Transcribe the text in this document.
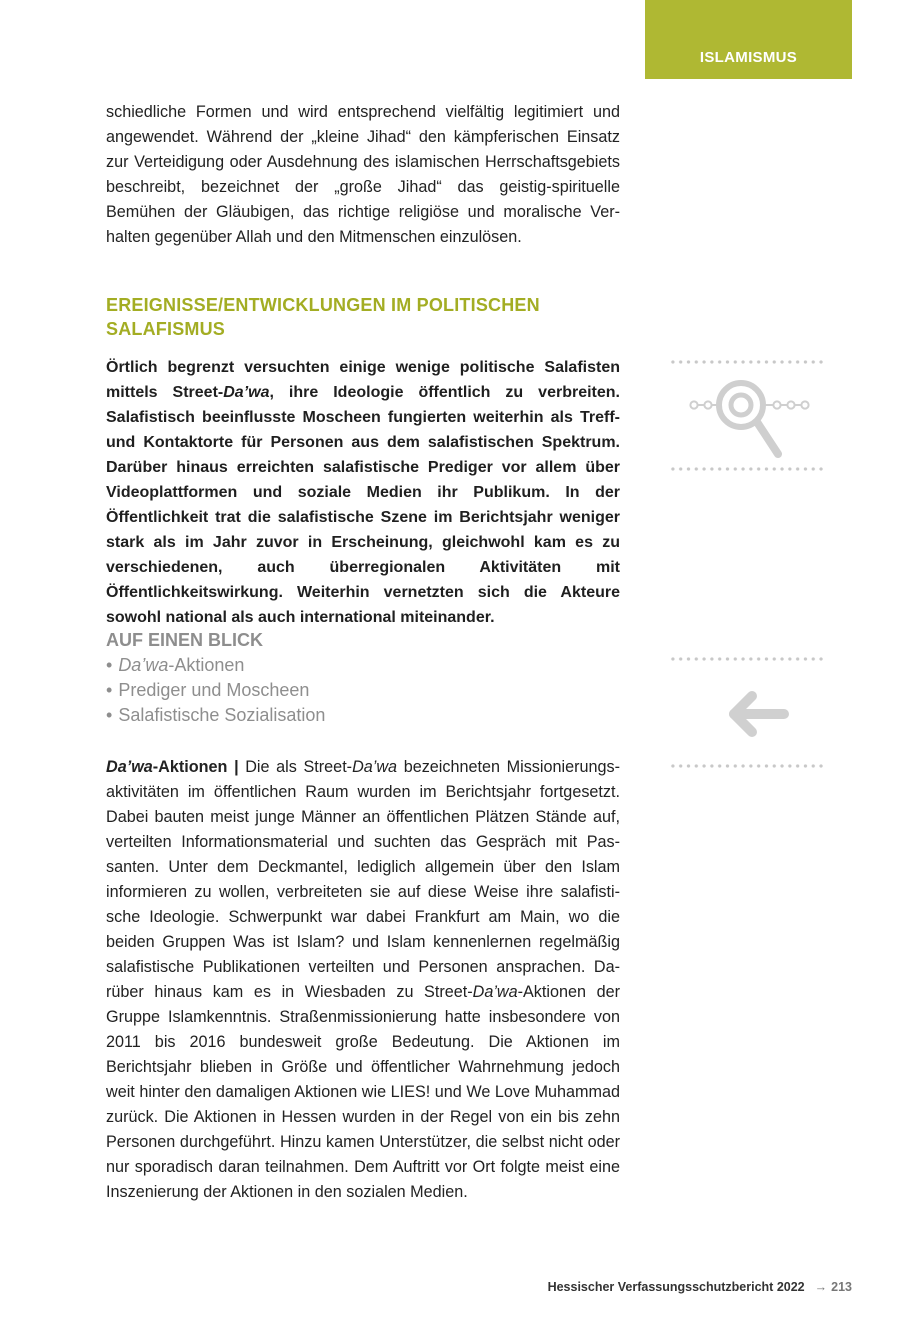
ISLAMISMUS

schiedliche Formen und wird entsprechend vielfältig legitimiert und angewendet. Während der „kleine Jihad“ den kämpferischen Einsatz zur Verteidigung oder Ausdehnung des islamischen Herrschaftsgebiets beschreibt, bezeichnet der „große Jihad“ das geistig-spirituelle Bemühen der Gläubigen, das richtige religiöse und moralische Verhalten gegenüber Allah und den Mitmenschen einzulösen.

EREIGNISSE/ENTWICKLUNGEN IM POLITISCHEN SALAFISMUS

Örtlich begrenzt versuchten einige wenige politische Salafisten mittels Street-Da’wa, ihre Ideologie öffentlich zu verbreiten. Salafistisch beeinflusste Moscheen fungierten weiterhin als Treff- und Kontaktorte für Personen aus dem salafistischen Spektrum. Darüber hinaus erreichten salafistische Prediger vor allem über Videoplattformen und soziale Medien ihr Publikum. In der Öffentlichkeit trat die salafistische Szene im Berichtsjahr weniger stark als im Jahr zuvor in Erscheinung, gleichwohl kam es zu verschiedenen, auch überregionalen Aktivitäten mit Öffentlichkeitswirkung. Weiterhin vernetzten sich die Akteure sowohl national als auch international miteinander.

AUF EINEN BLICK

• Da’wa-Aktionen
• Prediger und Moscheen
• Salafistische Sozialisation

Da’wa-Aktionen | Die als Street-Da’wa bezeichneten Missionierungsaktivitäten im öffentlichen Raum wurden im Berichtsjahr fortgesetzt. Dabei bauten meist junge Männer an öffentlichen Plätzen Stände auf, verteilten Informationsmaterial und suchten das Gespräch mit Passanten. Unter dem Deckmantel, lediglich allgemein über den Islam informieren zu wollen, verbreiteten sie auf diese Weise ihre salafistische Ideologie. Schwerpunkt war dabei Frankfurt am Main, wo die beiden Gruppen Was ist Islam? und Islam kennenlernen regelmäßig salafistische Publikationen verteilten und Personen ansprachen. Darüber hinaus kam es in Wiesbaden zu Street-Da’wa-Aktionen der Gruppe Islamkenntnis. Straßenmissionierung hatte insbesondere von 2011 bis 2016 bundesweit große Bedeutung. Die Aktionen im Berichtsjahr blieben in Größe und öffentlicher Wahrnehmung jedoch weit hinter den damaligen Aktionen wie LIES! und We Love Muhammad zurück. Die Aktionen in Hessen wurden in der Regel von ein bis zehn Personen durchgeführt. Hinzu kamen Unterstützer, die selbst nicht oder nur sporadisch daran teilnahmen. Dem Auftritt vor Ort folgte meist eine Inszenierung der Aktionen in den sozialen Medien.

Hessischer Verfassungsschutzbericht 2022 → 213
